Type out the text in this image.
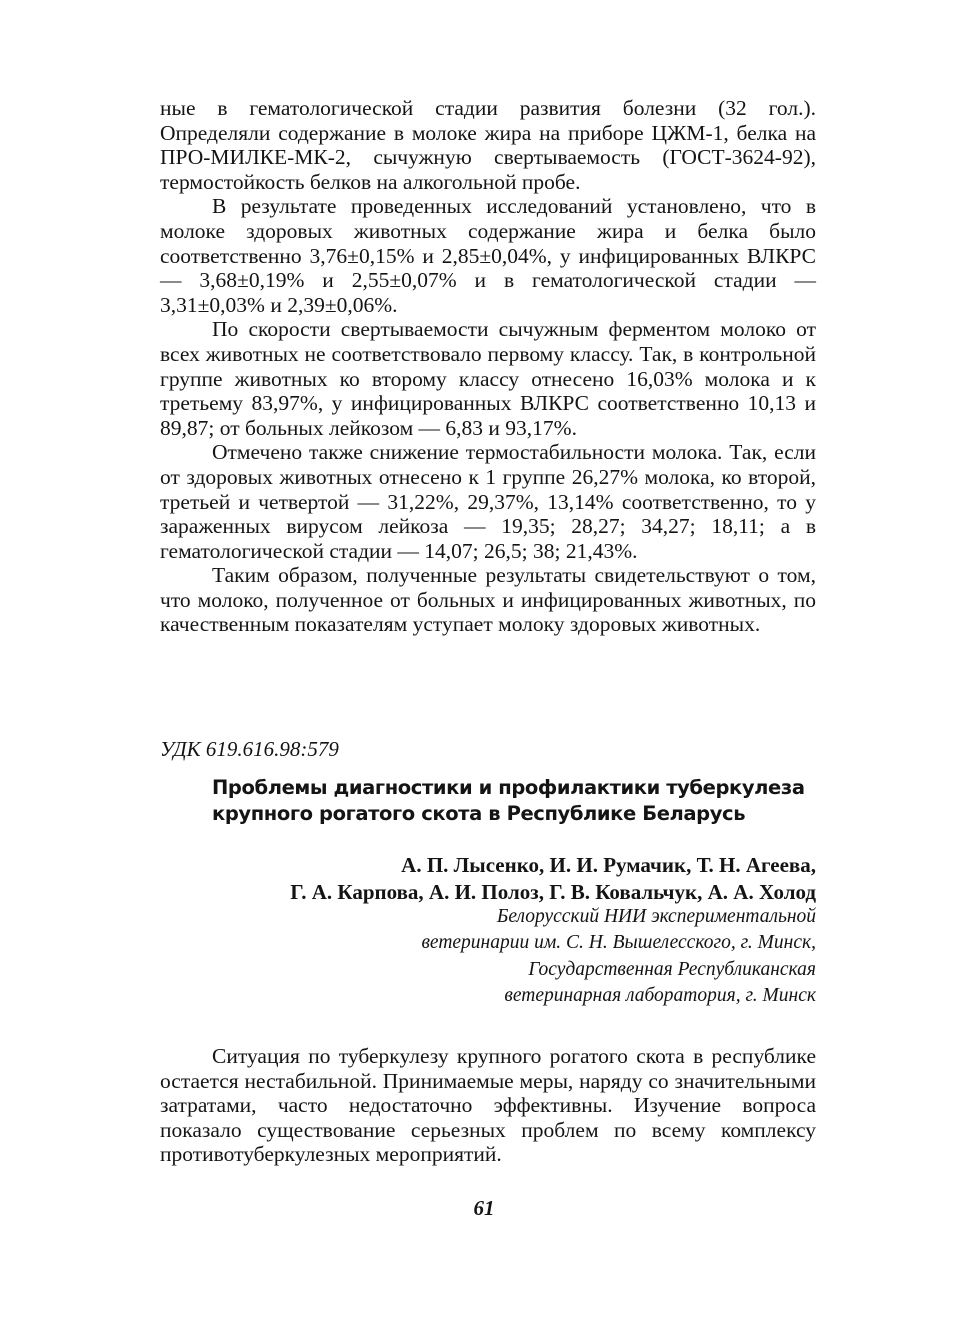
ные в гематологической стадии развития болезни (32 гол.). Определяли содержание в молоке жира на приборе ЦЖМ-1, белка на ПРО-МИЛКЕ-МК-2, сычужную свертываемость (ГОСТ-3624-92), термостойкость белков на алкогольной пробе.

В результате проведенных исследований установлено, что в молоке здоровых животных содержание жира и белка было соответственно 3,76±0,15% и 2,85±0,04%, у инфицированных ВЛКРС — 3,68±0,19% и 2,55±0,07% и в гематологической стадии — 3,31±0,03% и 2,39±0,06%.

По скорости свертываемости сычужным ферментом молоко от всех животных не соответствовало первому классу. Так, в контрольной группе животных ко второму классу отнесено 16,03% молока и к третьему 83,97%, у инфицированных ВЛКРС соответственно 10,13 и 89,87; от больных лейкозом — 6,83 и 93,17%.

Отмечено также снижение термостабильности молока. Так, если от здоровых животных отнесено к 1 группе 26,27% молока, ко второй, третьей и четвертой — 31,22%, 29,37%, 13,14% соответственно, то у зараженных вирусом лейкоза — 19,35; 28,27; 34,27; 18,11; а в гематологической стадии — 14,07; 26,5; 38; 21,43%.

Таким образом, полученные результаты свидетельствуют о том, что молоко, полученное от больных и инфицированных животных, по качественным показателям уступает молоку здоровых животных.

УДК 619.616.98:579

Проблемы диагностики и профилактики туберкулеза
крупного рогатого скота в Республике Беларусь

А. П. Лысенко, И. И. Румачик, Т. Н. Агеева,
Г. А. Карпова, А. И. Полоз, Г. В. Ковальчук, А. А. Холод

Белорусский НИИ экспериментальной
ветеринарии им. С. Н. Вышелесского, г. Минск,
Государственная Республиканская
ветеринарная лаборатория, г. Минск

Ситуация по туберкулезу крупного рогатого скота в республике остается нестабильной. Принимаемые меры, наряду со значительными затратами, часто недостаточно эффективны. Изучение вопроса показало существование серьезных проблем по всему комплексу противотуберкулезных мероприятий.

61
